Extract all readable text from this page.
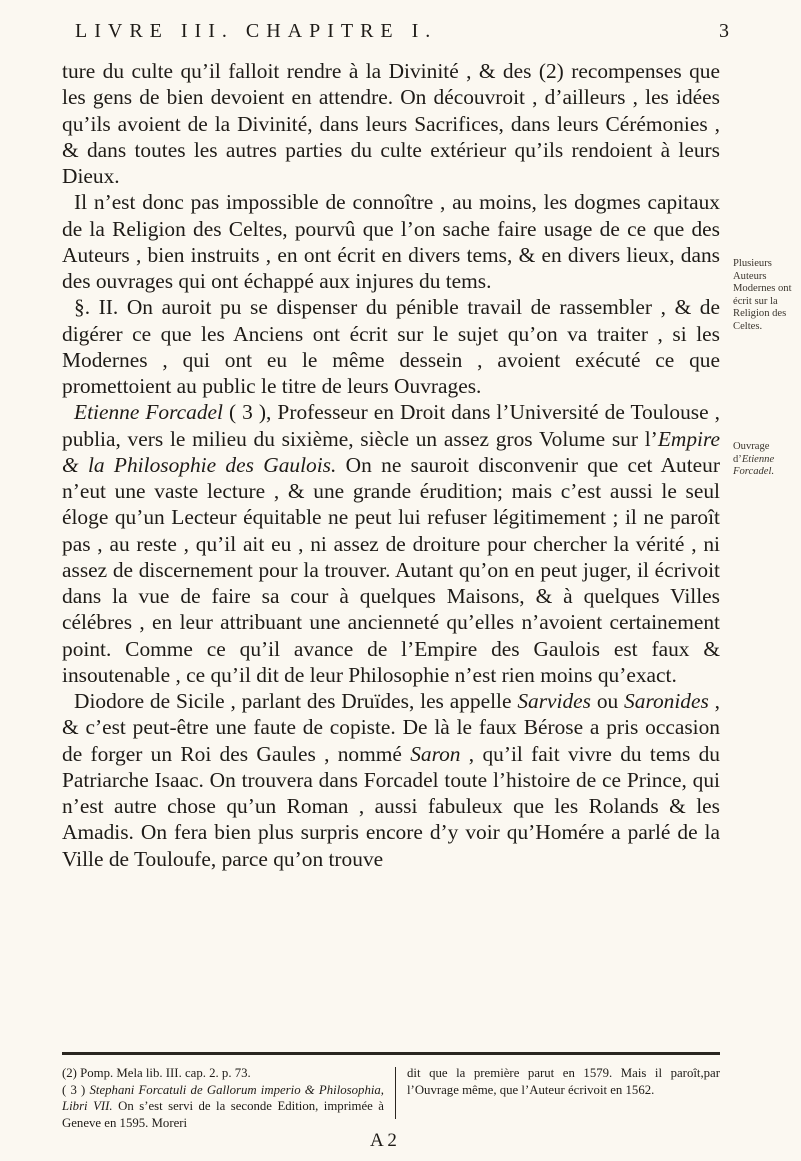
LIVRE III. CHAPITRE I.	3

ture du culte qu’il falloit rendre à la Divinité , & des (2) recompenses que les gens de bien devoient en attendre. On découvroit , d’ailleurs , les idées qu’ils avoient de la Divinité, dans leurs Sacrifices, dans leurs Cérémonies , & dans toutes les autres parties du culte extérieur qu’ils rendoient à leurs Dieux.

Il n’est donc pas impossible de connoître , au moins, les dogmes capitaux de la Religion des Celtes, pourvû que l’on sache faire usage de ce que des Auteurs , bien instruits , en ont écrit en divers tems, & en divers lieux, dans des ouvrages qui ont échappé aux injures du tems.

§. II. On auroit pu se dispenser du pénible travail de rassembler , & de digérer ce que les Anciens ont écrit sur le sujet qu’on va traiter , si les Modernes , qui ont eu le même dessein , avoient exécuté ce que promettoient au public le titre de leurs Ouvrages.

Etienne Forcadel ( 3 ), Professeur en Droit dans l’Université de Toulouse , publia, vers le milieu du sixième, siècle un assez gros Volume sur l’Empire & la Philosophie des Gaulois. On ne sauroit disconvenir que cet Auteur n’eut une vaste lecture , & une grande érudition; mais c’est aussi le seul éloge qu’un Lecteur équitable ne peut lui refuser légitimement ; il ne paroît pas , au reste , qu’il ait eu , ni assez de droiture pour chercher la vérité , ni assez de discernement pour la trouver. Autant qu’on en peut juger, il écrivoit dans la vue de faire sa cour à quelques Maisons, & à quelques Villes célébres , en leur attribuant une ancienneté qu’elles n’avoient certainement point. Comme ce qu’il avance de l’Empire des Gaulois est faux & insoutenable , ce qu’il dit de leur Philosophie n’est rien moins qu’exact.

Diodore de Sicile , parlant des Druïdes, les appelle Sarvides ou Saronides , & c’est peut-être une faute de copiste. De là le faux Bérose a pris occasion de forger un Roi des Gaules , nommé Saron , qu’il fait vivre du tems du Patriarche Isaac. On trouvera dans Forcadel toute l’histoire de ce Prince, qui n’est autre chose qu’un Roman , aussi fabuleux que les Rolands & les Amadis. On fera bien plus surpris encore d’y voir qu’Homére a parlé de la Ville de Touloufe, parce qu’on trouve

Plusieurs Auteurs Modernes ont écrit sur la Religion des Celtes.
Ouvrage d’Etienne Forcadel.
(2) Pomp. Mela lib. III. cap. 2. p. 73.
( 3 ) Stephani Forcatuli de Gallorum imperio & Philosophia, Libri VII. On s’est servi de la seconde Edition, imprimée à Geneve en 1595. Moreri
dit que la première parut en 1579. Mais il paroît,par l’Ouvrage même, que l’Auteur écrivoit en 1562.
A 2
